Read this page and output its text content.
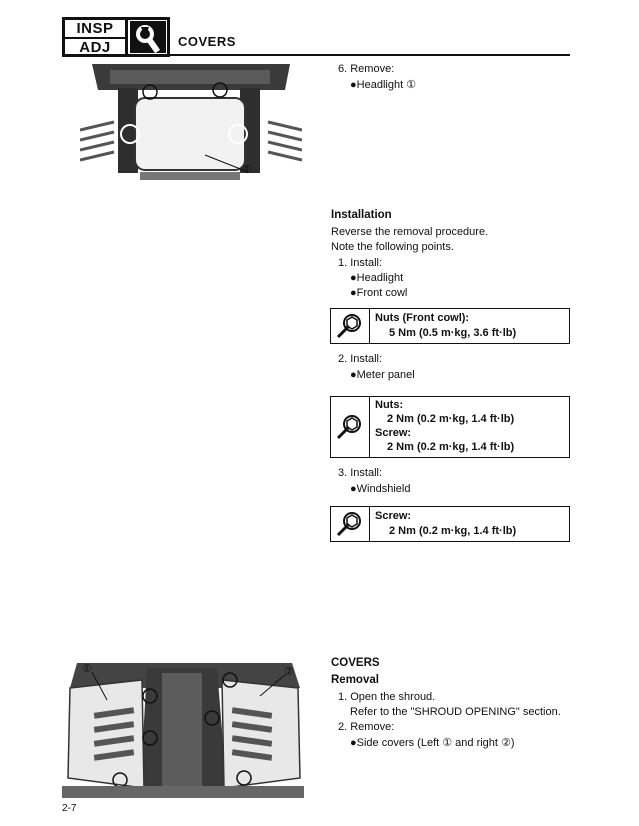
INSP
ADJ	COVERS
①
6. Remove:
●Headlight ①
Installation
Reverse the removal procedure.
Note the following points.
1. Install:
●Headlight
●Front cowl
Nuts (Front cowl):
5 Nm (0.5 m·kg, 3.6 ft·lb)
2. Install:
●Meter panel
Nuts:
2 Nm (0.2 m·kg, 1.4 ft·lb)
Screw:
2 Nm (0.2 m·kg, 1.4 ft·lb)
3. Install:
●Windshield
Screw:
2 Nm (0.2 m·kg, 1.4 ft·lb)
①	②
COVERS
Removal
1. Open the shroud.
Refer to the "SHROUD OPENING" section.
2. Remove:
●Side covers (Left ① and right ②)
2-7
